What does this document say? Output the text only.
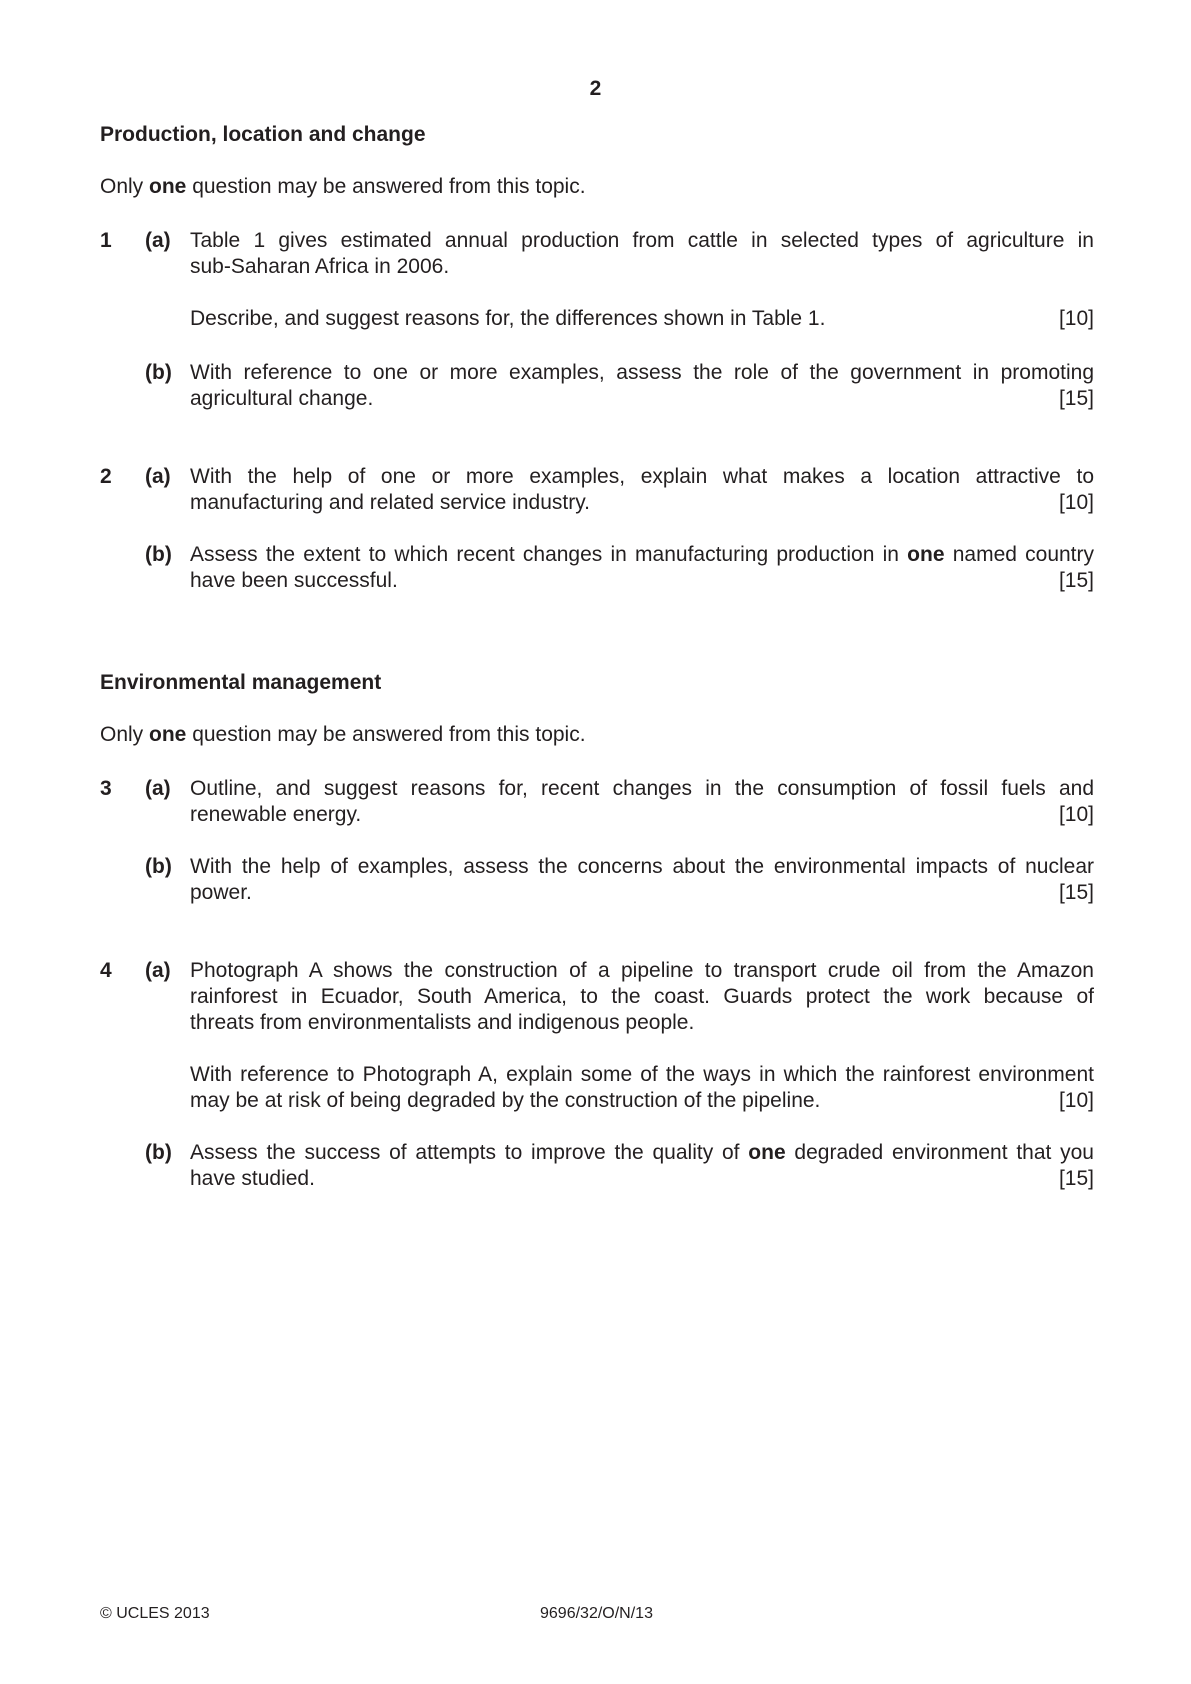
2
Production, location and change
Only one question may be answered from this topic.
1 (a) Table 1 gives estimated annual production from cattle in selected types of agriculture in
sub-Saharan Africa in 2006.
Describe, and suggest reasons for, the differences shown in Table 1.	[10]
(b) With reference to one or more examples, assess the role of the government in promoting
agricultural change.	[15]
2 (a) With the help of one or more examples, explain what makes a location attractive to
manufacturing and related service industry.	[10]
(b) Assess the extent to which recent changes in manufacturing production in one named country
have been successful.	[15]
Environmental management
Only one question may be answered from this topic.
3 (a) Outline, and suggest reasons for, recent changes in the consumption of fossil fuels and
renewable energy.	[10]
(b) With the help of examples, assess the concerns about the environmental impacts of nuclear
power.	[15]
4 (a) Photograph A shows the construction of a pipeline to transport crude oil from the Amazon
rainforest in Ecuador, South America, to the coast. Guards protect the work because of
threats from environmentalists and indigenous people.
With reference to Photograph A, explain some of the ways in which the rainforest environment
may be at risk of being degraded by the construction of the pipeline.	[10]
(b) Assess the success of attempts to improve the quality of one degraded environment that you
have studied.	[15]
© UCLES 2013	9696/32/O/N/13
